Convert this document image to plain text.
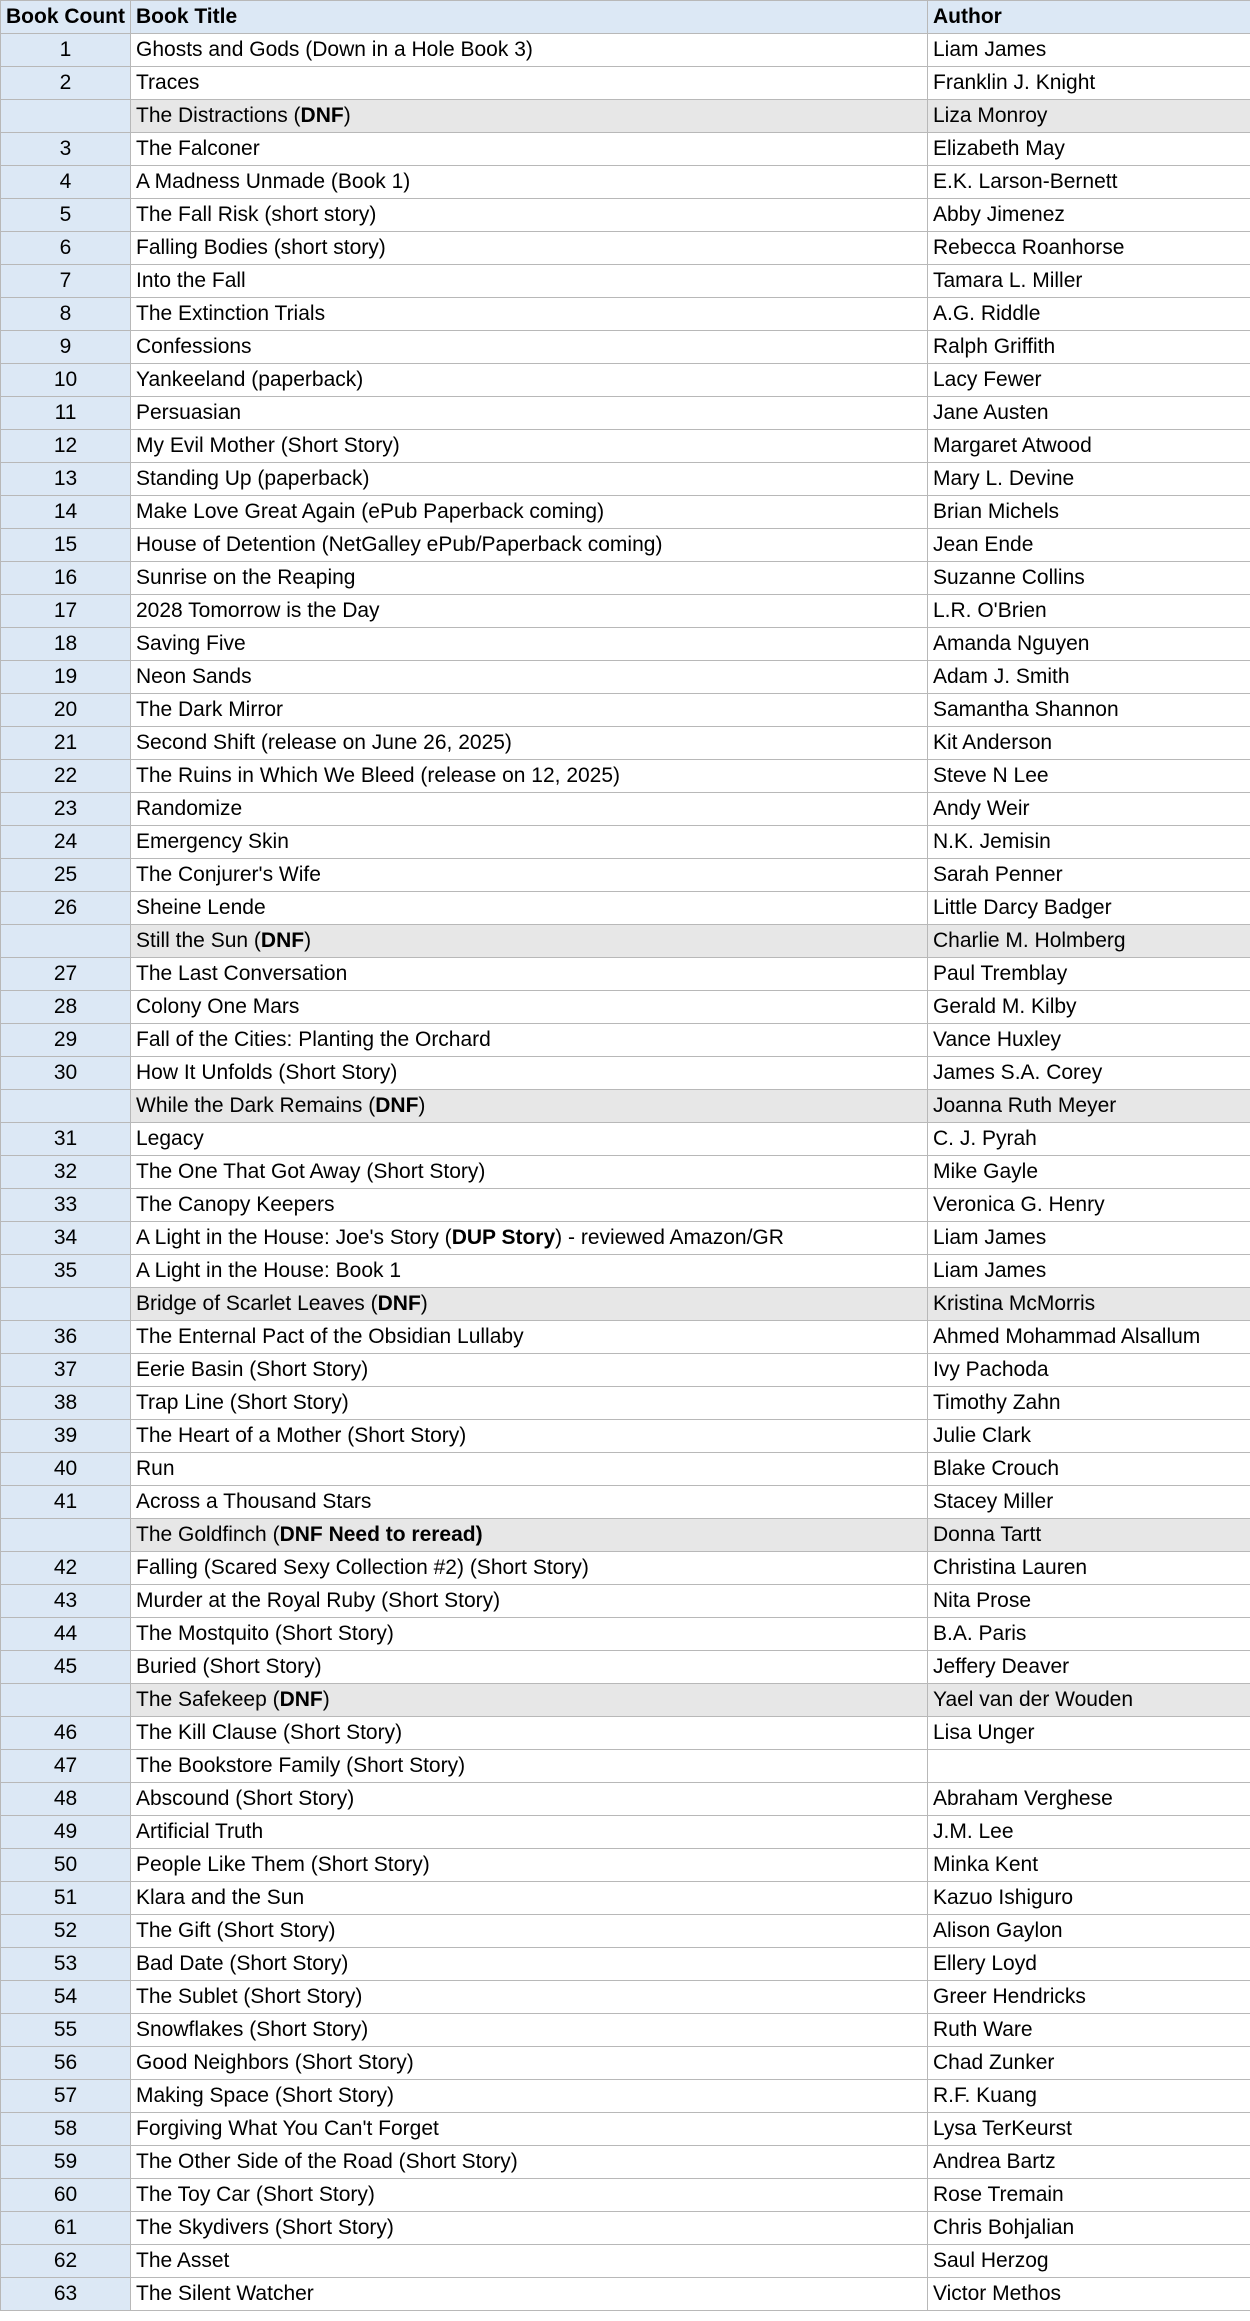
Book Count	Book Title	Author
1	Ghosts and Gods (Down in a Hole Book 3)	Liam James
2	Traces	Franklin J. Knight
	The Distractions (DNF)	Liza Monroy
3	The Falconer	Elizabeth May
4	A Madness Unmade (Book 1)	E.K. Larson-Bernett
5	The Fall Risk (short story)	Abby Jimenez
6	Falling Bodies (short story)	Rebecca Roanhorse
7	Into the Fall	Tamara L. Miller
8	The Extinction Trials	A.G. Riddle
9	Confessions	Ralph Griffith
10	Yankeeland (paperback)	Lacy Fewer
11	Persuasian	Jane Austen
12	My Evil Mother (Short Story)	Margaret Atwood
13	Standing Up (paperback)	Mary L. Devine
14	Make Love Great Again (ePub Paperback coming)	Brian Michels
15	House of Detention (NetGalley ePub/Paperback coming)	Jean Ende
16	Sunrise on the Reaping	Suzanne Collins
17	2028 Tomorrow is the Day	L.R. O'Brien
18	Saving Five	Amanda Nguyen
19	Neon Sands	Adam J. Smith
20	The Dark Mirror	Samantha Shannon
21	Second Shift (release on June 26, 2025)	Kit Anderson
22	The Ruins in Which We Bleed (release on 12, 2025)	Steve N Lee
23	Randomize	Andy Weir
24	Emergency Skin	N.K. Jemisin
25	The Conjurer's Wife	Sarah Penner
26	Sheine Lende	Little Darcy Badger
	Still the Sun (DNF)	Charlie M. Holmberg
27	The Last Conversation	Paul Tremblay
28	Colony One Mars	Gerald M. Kilby
29	Fall of the Cities: Planting the Orchard	Vance Huxley
30	How It Unfolds (Short Story)	James S.A. Corey
	While the Dark Remains (DNF)	Joanna Ruth Meyer
31	Legacy	C. J. Pyrah
32	The One That Got Away (Short Story)	Mike Gayle
33	The Canopy Keepers	Veronica G. Henry
34	A Light in the House: Joe's Story (DUP Story) - reviewed Amazon/GR	Liam James
35	A Light in the House: Book 1	Liam James
	Bridge of Scarlet Leaves (DNF)	Kristina McMorris
36	The Enternal Pact of the Obsidian Lullaby	Ahmed Mohammad Alsallum
37	Eerie Basin (Short Story)	Ivy Pachoda
38	Trap Line (Short Story)	Timothy Zahn
39	The Heart of a Mother (Short Story)	Julie Clark
40	Run	Blake Crouch
41	Across a Thousand Stars	Stacey Miller
	The Goldfinch (DNF Need to reread)	Donna Tartt
42	Falling (Scared Sexy Collection #2) (Short Story)	Christina Lauren
43	Murder at the Royal Ruby (Short Story)	Nita Prose
44	The Mostquito (Short Story)	B.A. Paris
45	Buried (Short Story)	Jeffery Deaver
	The Safekeep (DNF)	Yael van der Wouden
46	The Kill Clause (Short Story)	Lisa Unger
47	The Bookstore Family (Short Story)	
48	Abscound (Short Story)	Abraham Verghese
49	Artificial Truth	J.M. Lee
50	People Like Them (Short Story)	Minka Kent
51	Klara and the Sun	Kazuo Ishiguro
52	The Gift (Short Story)	Alison Gaylon
53	Bad Date (Short Story)	Ellery Loyd
54	The Sublet (Short Story)	Greer Hendricks
55	Snowflakes (Short Story)	Ruth Ware
56	Good Neighbors (Short Story)	Chad Zunker
57	Making Space (Short Story)	R.F. Kuang
58	Forgiving What You Can't Forget	Lysa TerKeurst
59	The Other Side of the Road (Short Story)	Andrea Bartz
60	The Toy Car (Short Story)	Rose Tremain
61	The Skydivers (Short Story)	Chris Bohjalian
62	The Asset	Saul Herzog
63	The Silent Watcher	Victor Methos
